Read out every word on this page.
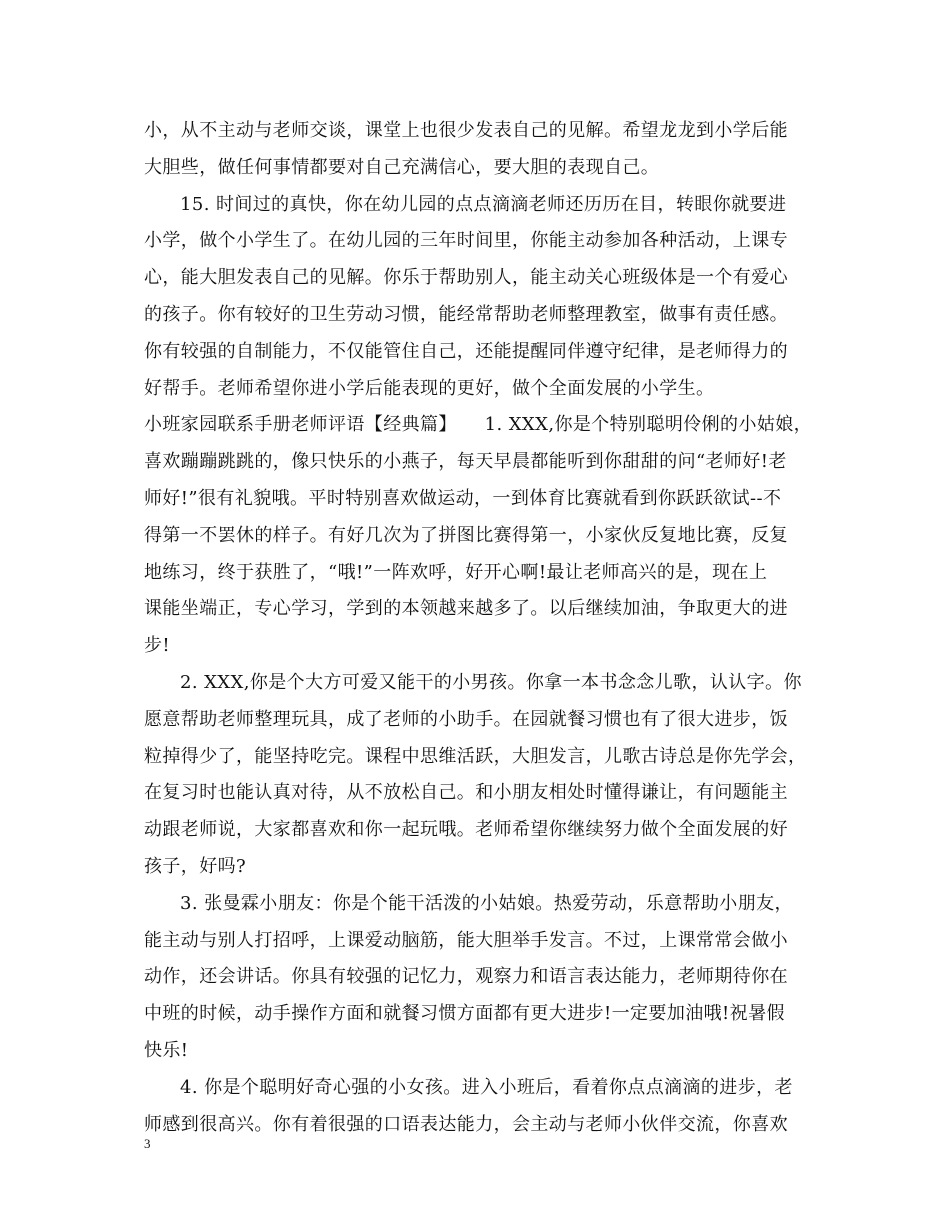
小，从不主动与老师交谈，课堂上也很少发表自己的见解。希望龙龙到小学后能
大胆些，做任何事情都要对自己充满信心，要大胆的表现自己。
15. 时间过的真快，你在幼儿园的点点滴滴老师还历历在目，转眼你就要进
小学，做个小学生了。在幼儿园的三年时间里，你能主动参加各种活动，上课专
心，能大胆发表自己的见解。你乐于帮助别人，能主动关心班级体是一个有爱心
的孩子。你有较好的卫生劳动习惯，能经常帮助老师整理教室，做事有责任感。
你有较强的自制能力，不仅能管住自己，还能提醒同伴遵守纪律，是老师得力的
好帮手。老师希望你进小学后能表现的更好，做个全面发展的小学生。
小班家园联系手册老师评语【经典篇】　　1. XXX,你是个特别聪明伶俐的小姑娘，
喜欢蹦蹦跳跳的，像只快乐的小燕子，每天早晨都能听到你甜甜的问“老师好!老
师好!”很有礼貌哦。平时特别喜欢做运动，一到体育比赛就看到你跃跃欲试--不
得第一不罢休的样子。有好几次为了拼图比赛得第一，小家伙反复地比赛，反复
地练习，终于获胜了，“哦!”一阵欢呼，好开心啊!最让老师高兴的是，现在上
课能坐端正，专心学习，学到的本领越来越多了。以后继续加油，争取更大的进
步!
2. XXX,你是个大方可爱又能干的小男孩。你拿一本书念念儿歌，认认字。你
愿意帮助老师整理玩具，成了老师的小助手。在园就餐习惯也有了很大进步，饭
粒掉得少了，能坚持吃完。课程中思维活跃，大胆发言，儿歌古诗总是你先学会，
在复习时也能认真对待，从不放松自己。和小朋友相处时懂得谦让，有问题能主
动跟老师说，大家都喜欢和你一起玩哦。老师希望你继续努力做个全面发展的好
孩子，好吗?
3. 张曼霖小朋友：你是个能干活泼的小姑娘。热爱劳动，乐意帮助小朋友，
能主动与别人打招呼，上课爱动脑筋，能大胆举手发言。不过，上课常常会做小
动作，还会讲话。你具有较强的记忆力，观察力和语言表达能力，老师期待你在
中班的时候，动手操作方面和就餐习惯方面都有更大进步!一定要加油哦!祝暑假
快乐!
4. 你是个聪明好奇心强的小女孩。进入小班后，看着你点点滴滴的进步，老
师感到很高兴。你有着很强的口语表达能力，会主动与老师小伙伴交流，你喜欢
3
